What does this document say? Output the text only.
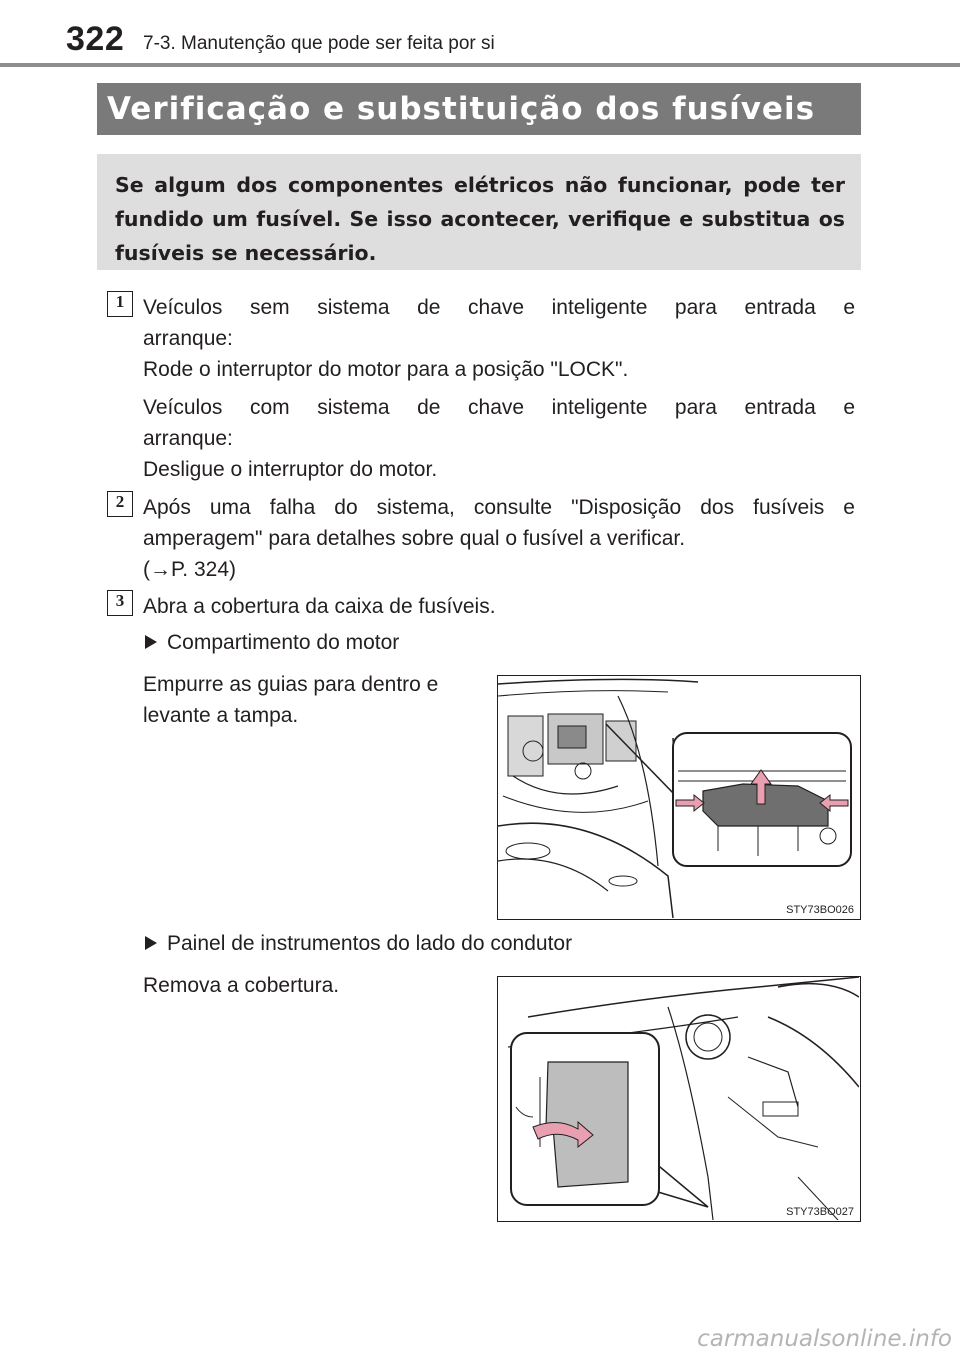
322 7-3. Manutenção que pode ser feita por si
Verificação e substituição dos fusíveis

Se algum dos componentes elétricos não funcionar, pode ter fundido um fusível. Se isso acontecer, verifique e substitua os fusíveis se necessário.

1 Veículos sem sistema de chave inteligente para entrada e
arranque:
Rode o interruptor do motor para a posição "LOCK".
Veículos com sistema de chave inteligente para entrada e
arranque:
Desligue o interruptor do motor.
2 Após uma falha do sistema, consulte "Disposição dos fusíveis e
amperagem" para detalhes sobre qual o fusível a verificar.
(→P. 324)
3 Abra a cobertura da caixa de fusíveis.
Compartimento do motor
Empurre as guias para dentro e
levante a tampa.
STY73BO026
Painel de instrumentos do lado do condutor
Remova a cobertura.
STY73BO027
carmanualsonline.info
